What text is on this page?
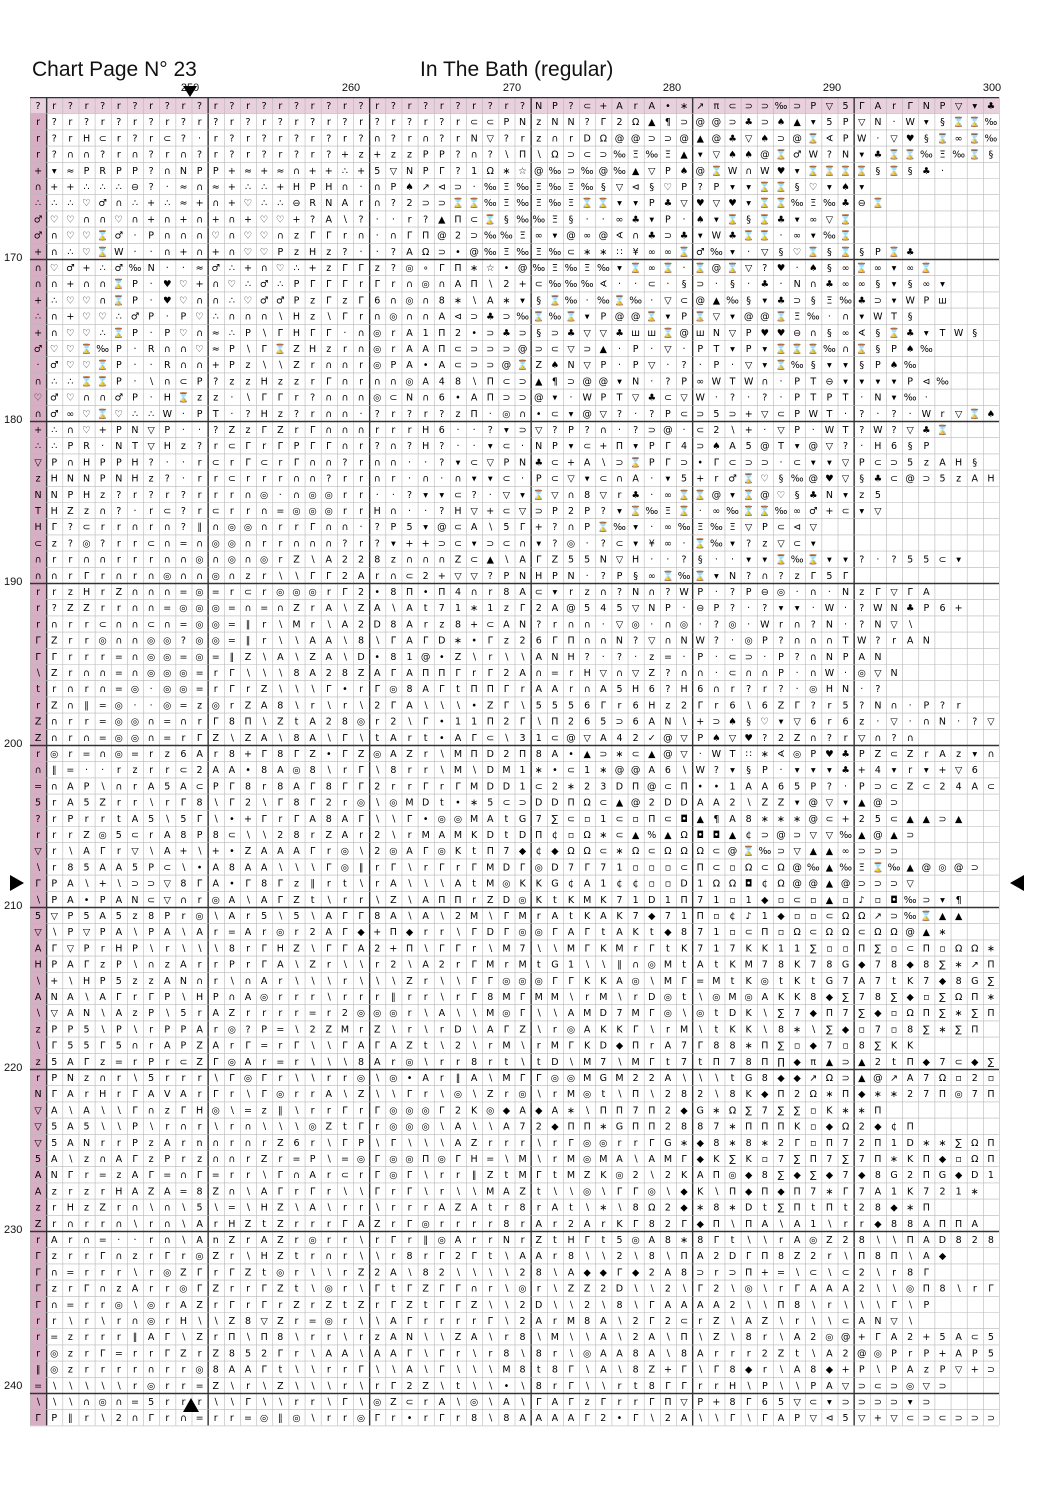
Chart Page N° 23	In The Bath (regular)
250	260	270	280	290	300
170
180
190
200
210
220
230
240
? r ? r ? r ? r ? r ? r ? r ? r ? r ? r ? r ? r ? r ? r ? r ? N P ? ⊂ + A r A • ∗ ↗ π ⊂ ⊃ ⊃ ‰ ⊃ P ▽ 5 Γ A r Γ N P ▽ ▾ ♣
r ? r ? r ? r ? r ? r ? r ? r ? r ? r ? r ? r ? r ? r ⊂ ⊂ P N z N N ? Γ 2 Ω ▲ ¶ ⊃ @ @ ⊃ ♣ ⊃ ♠ ▲ ▾ 5 P ▽ N · W ▾ § ⌛ ⌛ ‰
r ? r H ⊂ r ? r ⊂ ? · r ? r ? r ? r ? r ? ∩ ? r ∩ ? r N ▽ ? r z ∩ r D Ω @ @ ⊃ ⊃ @ ▲ @ ♣ ▽ ♠ ⊃ @ ⌛ ∢ P W · ▽ ♥ § ⌛ ∞ ⌛ ‰
r ? ∩ ∩ ? r ∩ ? r ∩ ? r ? r ? r ? r ? + z + z z P P ? ∩ ? ∖ Π ∖ Ω ⊃ ⊂ ⊃ ‰ Ξ ‰ Ξ ▲ ▾ ▽ ♠ ♠ @ ⌛ ♂ W ? N ▾ ♣ ⌛ ⌛ ‰ Ξ ‰ ⌛ §
+ ▾ ≈ P R P P ? ∩ N P P + ≈ + ≈ ∩ + + ∴ + 5 ▽ N P Γ ? 1 Ω ∗ ☆ @ ‰ ⊃ ‰ @ ‰ ▲ ▽ P ♠ @ ⌛ W ∩ W ♥ ▾ ⌛ ⌛ ⌛ ⌛ § ⌛ § ♣ ·
∩ + + ∴ ∴ ∴ ⊖ ? · ≈ ∩ ≈ + ∴ ∴ + H P H ∩ · ∩ P ♠ ↗ ⊲ ⊃ · ‰ Ξ ‰ Ξ ‰ Ξ ‰ § ▽ ⊲ § ♡ P ? P ▾ ▾ ⌛ ⌛ § ♡ ▾ ♠ ▾
∴ ∴ ∴ ♡ ♂ ∩ ∴ + ∴ ≈ + ∩ + ♡ ∴ ∴ ⊖ R N A r ∩ ? 2 ⊃ ⊃ ⌛ ⌛ ‰ Ξ ‰ Ξ ‰ Ξ ⌛ ⌛ ▾ ▾ P ♣ ▽ ♥ ▽ ♥ ▾ ⌛ ⌛ ‰ Ξ ‰ ♣ ⊖ ⌛
♂ ♡ ♡ ∩ ∩ ♡ ∩ + ∩ + ∩ + ∩ + ♡ ♡ + ? A ∖ ? · · r ? ▲ Π ⊂ ⌛ § ‰ ‰ Ξ § · · ∞ ♣ ▾ P · ♠ ▾ ⌛ § ⌛ ♣ ▾ ∞ ▽ ⌛
♂ ∩ ♡ ♡ ⌛ ♂ · P ∩ ∩ ∩ ♡ ∩ ♡ ♡ ∩ z Γ Γ r ∩ · ∩ Γ Π @ 2 ⊃ ‰ ‰ Ξ ∞ ▾ @ ∞ @ ∢ ∩ ♣ ⊃ ♣ ▾ W ♣ ⌛ ⌛ · ∞ ▾ ‰ ⌛
+ ∩ ∴ ♡ ⌛ W · · ∩ + ∩ + ∩ ♡ ♡ P z H z ? · · ? A Ω ⊃ • @ ‰ Ξ ‰ Ξ ‰ ⊂ ∗ ∗ ∷ ¥ ∞ ∞ ⌛ ♂ ‰ ▾ · ▽ § ♡ ⌛ § ⌛ § P ⌛ ♣
∩ ♡ ♂ + ∴ ♂ ‰ N · · ≈ ♂ ∴ + ∩ ♡ ∴ + z Γ Γ z ? ◎ ∘ Γ Π ∗ ☆ • @ ‰ Ξ ‰ Ξ ‰ ▾ ⌛ ∞ ⌛ · ⌛ @ ⌛ ▽ ? ♥ · ♠ § ∞ ⌛ ∞ ▾ ∞ ⌛
∩ ∩ + ∩ ∩ ⌛ P · ♥ ♡ + ∩ ♡ ∴ ♂ ∴ P Γ Γ Γ r Γ r ∩ ◎ ∩ A Π ∖ 2 + ⊂ ‰ ‰ ‰ ∢ · · ⊂ · § ⊃ · § · ♣ · N ∩ ♣ ∞ ∞ § ▾ § ∞ ▾
+ ∴ ♡ ♡ ∩ ⌛ P · ♥ ♡ ∩ ∩ ∴ ♡ ♂ ♂ P z Γ z Γ 6 ∩ ◎ ∩ 8 ∗ ∖ A ∗ ▾ § ⌛ ‰ · ‰ ⌛ ‰ · ▽ ⊂ @ ▲ ‰ § ▾ ♣ ⊃ § Ξ ‰ ♣ ⊃ ▾ W P ш
∴ ∩ + ♡ ♡ ∴ ♂ P · P ♡ ∴ ∩ ∩ ∩ ∖ H z ∖ Γ r ∩ ◎ ∩ ∩ A ⊲ ⊃ ♣ ⊃ ‰ ⌛ ‰ ⌛ ▾ P @ @ ⌛ ▾ P ⌛ ▽ ▾ @ @ ⌛ Ξ ‰ · ∩ ▾ W T §
+ ∩ ♡ ♡ ∴ ⌛ P · P ♡ ∩ ≈ ∴ P ∖ Γ H Γ Γ · ∩ ◎ r A 1 Π 2 • ⊃ ♣ ⊃ § ⊃ ♣ ▽ ▽ ♣ ш ш ⌛ @ ш N ▽ P ♥ ♥ ⊖ ∩ § ∞ ∢ § ⌛ ♣ ▾ T W §
♂ ♡ ♡ ⌛ ‰ P · R ∩ ∩ ♡ ≈ P ∖ Γ ⌛ Z H z r ∩ ◎ r A A Π ⊂ ⊃ ⊃ ⊃ @ ⊃ ⊂ ▽ ⊃ ▲ · P · ▽ · P T ▾ P ▾ ⌛ ⌛ ⌛ ‰ ∩ ⌛ § P ♠ ‰
· ♂ ♡ ♡ ⌛ P · · R ∩ ∩ + P z ∖ ∖ Z r ∩ ∩ r ◎ P A • A ⊂ ⊃ ⊃ @ ⌛ Z ♠ N ▽ P · P ▽ · ? · P · ▽ ▾ ⌛ ‰ § ▾ ▾ § P ♠ ‰
∩ ∴ ∴ ⌛ ⌛ P · ∖ ∩ ⊂ P ? z z H z z r Γ ∩ r ∩ ∩ ◎ A 4 8 ∖ Π ⊂ ⊃ ▲ ¶ ⊃ @ @ ▾ N · ? P ∞ W T W ∩ · P T ⊖ ▾ ▾ ▾ ▾ P ⊲ ‰
♡ ♂ ♡ ∩ ∩ ♂ P · H ⌛ z z · ∖ Γ Γ r ? ∩ ∩ ∩ ◎ ⊂ N ∩ 6 • A Π ⊃ ⊃ @ ▾ · W P T ▽ ♣ ⊂ ▽ W · ? · ? · P T P T · N ▾ ‰ ·
∩ ♂ ∞ ♡ ⌛ ♡ ∴ ∴ W · P T · ? H z ? r ∩ ∩ · ? r ? r ? z Π · ◎ ∩ • ⊂ ▾ @ ▽ ? · ? P ⊂ ⊃ 5 ⊃ + ▽ ⊂ P W T · ? · ? · W r ▽ ⌛ ♠
+ ∴ ∩ ♡ + P N ▽ P · · ? Z z Γ Z r Γ ∩ ∩ ∩ r r r H 6 · · ? ▾ ⊃ ▽ ? P ? ∩ · ? ⊃ @ · ⊂ 2 ∖ + · ▽ P · W T ? W ? ▽ ♣ ⌛
∴ ∴ P R · N T ▽ H z ? r ⊂ Γ r Γ P Γ Γ ∩ r ? ∩ ? H ? · · ▾ ⊂ · N P ▾ ⊂ + Π ▾ P Γ 4 ⊃ ♠ A 5 @ T ▾ @ ▽ ? · H 6 § P
▽ P ∩ H P P H ? · · r ⊂ r Γ ⊂ r Γ ∩ ∩ ? r ∩ ∩ · · ? ▾ ⊂ ▽ P N ♣ ⊂ + A ∖ ⊃ ⌛ P Γ ⊃ • Γ ⊂ ⊃ ⊃ · ⊂ ▾ ▾ ▽ P ⊂ ⊃ 5 z A H §
z H N N P N H z ? · r r ⊂ r r r ∩ ∩ ? r r ∩ r · ∩ · ∩ ▾ ▾ ⊂ · P ⊂ ▽ ▾ ⊂ ∩ A · ▾ 5 + r ♂ ⌛ ♡ § ‰ @ ♥ ▽ § ♣ ⊂ @ ⊃ 5 z A H
N N P H z ? r ? r ? r r r ∩ ◎ · ∩ ◎ ◎ r r · · ? ▾ ▾ ⊂ ? · ▽ ▾ ⌛ ▽ ∩ 8 ▽ r ♣ · ∞ ⌛ ⌛ @ ▾ ⌛ @ ♡ § ♣ N ▾ z 5
T H Z z ∩ ? · r ⊂ ? r ⊂ r r ∩ = ◎ ◎ ◎ r r H ∩ · · ? H ▽ + ⊂ ▽ ⊃ P 2 P ? ▾ ⌛ ‰ Ξ ⌛ · ∞ ‰ ⌛ ⌛ ‰ ∞ ♂ + ⊂ ▾ ▽
H Γ ? ⊂ r r ∩ r ∩ ? ∥ ∩ ◎ ◎ ∩ r r Γ ∩ ∩ · ? P 5 ▾ @ ⊂ A ∖ 5 Γ + ? ∩ P ⌛ ‰ ▾ · ∞ ‰ Ξ ‰ Ξ ▽ P ⊂ ⊲ ▽
⊂ z ? ◎ ? r r ⊂ ∩ = ∩ ◎ ◎ ∩ r r ∩ ∩ ∩ ? r ? ▾ + + ⊃ ⊂ ▾ ⊃ ⊂ ∩ ▾ ? ◎ · ? ⊂ ▾ ¥ ∞ · ⌛ ‰ ▾ ? z ▽ ⊂ ▾
∩ r r ∩ ∩ r r r ∩ ∩ ◎ ∩ ◎ ∩ ◎ r Z ∖ A 2 2 8 z ∩ ∩ ∩ Z ⊂ ▲ ∖ A Γ Z 5 5 N ▽ H · · ? § · · ▾ ▾ ⌛ ‰ ⌛ ▾ ▾ ? · ? 5 5 ⊂ ▾
∩ ∩ r Γ r ∩ r ∩ ◎ ∩ ∩ ◎ ∩ z r ∖ ∖ Γ Γ 2 A r ∩ ⊂ 2 + ▽ ▽ ? P N H P N · ? P § ∞ ⌛ ‰ ⌛ ▾ N ? ∩ ? z Γ 5 Γ
r r z H r Z ∩ ∩ ∩ = ◎ = r ⊂ r ◎ ◎ ◎ r Γ 2 • 8 Π • Π 4 ∩ r 8 A ⊂ ▾ r z ∩ ? N ∩ ? W P · ? P ⊖ ◎ · ∩ · N z Γ ▽ Γ A
r ? Z Z r r ∩ ∩ = ◎ ◎ ◎ = ∩ = ∩ Z r A ∖ Z A ∖ A t 7 1 ∗ 1 z Γ 2 A @ 5 4 5 ▽ N P · ⊖ P ? · ? ▾ ▾ · W · ? W N ♣ P 6 +
r ∩ r r ⊂ ∩ ∩ ⊂ ∩ = ◎ ◎ = ∥ r ∖ M r ∖ A 2 D 8 A r z 8 + ⊂ A N ? r ∩ ∩ · ▽ ◎ · ∩ ◎ · ? ◎ · W r ∩ ? N · ? N ▽ ∖
Γ Z r r ◎ ∩ ∩ ◎ ◎ ? ◎ ◎ = ∥ r ∖ ∖ A A ∖ 8 ∖ Γ A Γ D ∗ • Γ z 2 6 Γ Π ∩ ∩ N ? ▽ ∩ N W ? · ◎ P ? ∩ ∩ ∩ T W ? r A N
Γ Γ r r r = ∩ ◎ ◎ = ◎ = ∥ Z ∖ A ∖ Z A ∖ D • 8 1 @ • Z ∖ r ∖ ∖ A N H ? · ? · z = · P · ⊂ ⊃ · P ? ∩ N P A N
∖ Z r ∩ ∩ = ∩ ◎ ◎ ◎ = r Γ ∖ ∖ ∖ 8 A 2 8 Z A Γ A Π Π Γ r Γ 2 A ∩ = r H ▽ ∩ ▽ Z ? ∩ ∩ · ⊂ ∩ ∩ P · ∩ W · ◎ ▽ N
t r ∩ r ∩ = ◎ · ◎ ◎ = r Γ r Z ∖ ∖ ∖ Γ • r Γ ◎ 8 A Γ t Π Π Γ r A A r ∩ A 5 H 6 ? H 6 ∩ r ? r ? · ◎ H N · ?
r Z ∩ ∥ = ◎ · · ◎ = z ◎ r Z A 8 ∖ r ∖ r ∖ 2 Γ A ∖ ∖ ∖ • Z Γ ∖ 5 5 5 6 Γ r 6 H z 2 Γ r 6 ∖ 6 Z Γ ? r 5 ? N ∩ · P ? r
Z ∩ r r = ◎ ◎ ∩ = ∩ r Γ 8 Π ∖ Z t A 2 8 ◎ r 2 ∖ Γ • 1 1 Π 2 Γ ∖ Π 2 6 5 ⊃ 6 A N ∖ + ⊃ ♠ § ♡ ▾ ▽ 6 r 6 z · ▽ · ∩ N · ? ▽
Z ∩ r ∩ = ◎ ◎ ∩ = r Γ Z ∖ Z A ∖ 8 A ∖ Γ ∖ t A r t • A Γ ⊂ ∖ 3 1 ⊂ @ ▽ A 4 2 ✓ @ ▽ P ♠ ▽ ♥ ? 2 Z ∩ ? r ▽ ∩ ? ∩
r ◎ r = ∩ ◎ = r z 6 A r 8 + Γ 8 Γ Z • Γ Z ◎ A Z r ∖ M Π D 2 Π 8 A • ▲ ⊃ ∗ ⊂ ▲ @ ▽ · W T ∷ ∗ ∢ ◎ P ♥ ♣ P Z ⊂ Z r A z ▾ ∩
∩ ∥ = · · r z r r ⊂ 2 A A • 8 A ◎ 8 ∖ r Γ ∖ 8 r r ∖ M ∖ D M 1 ∗ • ⊂ 1 ∗ @ @ A 6 ∖ W ? ▾ § P · ▾ ▾ ▾ ♣ + 4 ▾ r ▾ + ▽ 6
= ∩ A P ∖ ∩ r A 5 A ⊂ P Γ 8 r 8 A Γ 8 Γ Γ 2 r r Γ r Γ M D D 1 ⊂ 2 ∗ 2 3 D Π @ ⊂ Π • • 1 A A 6 5 P ? · P ⊃ ⊂ Z ⊂ 2 4 A ⊂
5 r A 5 Z r r ∖ r Γ 8 ∖ Γ 2 ∖ Γ 8 Γ 2 r ◎ ∖ ◎ M D t • ∗ 5 ⊂ ⊃ D D Π Ω ⊂ ▲ @ 2 D D A A 2 ∖ Z Z ▾ @ ▽ ▾ ▲ @ ⊃
? r P r r t A 5 ∖ 5 Γ ∖ • + Γ r Γ A 8 A Γ ∖ ∖ Γ • ◎ ◎ M A t G 7 ∑ ⊂ ▫ 1 ⊂ ▫ Π ⊂ ◘ ▲ ¶ A 8 ∗ ∗ ∗ @ ⊂ + 2 5 ⊂ ▲ ▲ ⊃ ▲
r r r Z ◎ 5 ⊂ r A 8 P 8 ⊂ ∖ ∖ 2 8 r Z A r 2 ∖ r M A M K D t D Π ¢ ▫ Ω ∗ ⊂ ▲ % ▲ Ω ◘ ◘ ▲ ¢ ⊃ @ ⊃ ▽ ▽ ‰ ▲ @ ▲ ⊃
▽ r ∖ A Γ r ▽ ∖ A + ∖ + • Z A A A Γ r ◎ ∖ 2 ◎ A Γ ◎ K t Π 7 ◆ ¢ ◆ Ω Ω ⊂ ∗ Ω ⊂ Ω Ω Ω ⊂ @ ⌛ ‰ ⊃ ▽ ▲ ▲ ∞ ⊃ ⊃ ⊃
∖ r 8 5 A A 5 P ⊂ ∖ • A 8 A A ∖ ∖ ∖ Γ ◎ ∥ r Γ ∖ r Γ r Γ M D Γ ◎ D 7 Γ 7 1 ▫ ▫ ▫ ⊂ Π ⊂ ▫ Ω ⊂ Ω @ ‰ ▲ ‰ Ξ ⌛ ‰ ▲ @ ◎ @ ⊃
Γ P A ∖ + ∖ ⊃ ⊃ ▽ 8 Γ A • Γ 8 Γ z ∥ r t ∖ r A ∖ ∖ ∖ A t M ◎ K K G ¢ A 1 ¢ ¢ ▫ ▫ D 1 Ω Ω ◘ ¢ Ω @ @ ▲ @ ⊃ ⊃ ⊃ ▽
∖ P A • P A N ⊂ ▽ ∩ r ◎ A ∖ A Γ Z t ∖ r r ∖ Z ∖ A Π Π r Z D ◎ K t K M K 7 1 D 1 Π 7 1 ▫ 1 ◆ ▫ ⊂ ▫ ▲ ▫ ♪ ▫ ◘ ‰ ⊃ ▾ ¶
5 ▽ P 5 A 5 z 8 P r ◎ ∖ A r 5 ∖ 5 ∖ A Γ Γ 8 A ∖ A ∖ 2 M ∖ Γ M r A t K A K 7 ◆ 7 1 Π ▫ ¢ ♪ 1 ◆ ▫ ▫ ⊂ Ω Ω ↗ ⊃ ‰ ⌛ ▲ ▲
▽ ∖ P ▽ P A ∖ P A ∖ A r = A r ◎ r 2 A Γ ◆ + Π ◆ r r ∖ Γ D Γ ◎ ◎ Γ A Γ t A K t ◆ 8 7 1 ▫ ⊂ Π ▫ Ω ⊂ Ω Ω ⊂ Ω Ω @ ▲ ∗
A Γ ▽ P r H P ∖ r ∖ ∖ ∖ 8 r Γ H Z ∖ Γ Γ A 2 + Π ∖ Γ Γ r ∖ M 7 ∖ ∖ M Γ K M r Γ t K 7 1 7 K K 1 1 ∑ ▫ ▫ Π ∑ ▫ ⊂ Π ▫ Ω Ω ∗
H P A Γ z P ∖ ∩ z A r r P r Γ A ∖ Z r ∖ ∖ r 2 ∖ A 2 r Γ M r M t G 1 ∖ ∖ ∥ ∩ ◎ M t A t K M 7 8 K 7 8 G ◆ 7 8 ◆ 8 ∑ ∗ ↗ Π
∖ + ∖ H P 5 z z A N ∩ r ∖ ∩ A r ∖ ∖ ∖ r ∖ ∖ ∖ Z r ∖ ∖ Γ Γ ◎ ◎ ◎ Γ Γ K K A ◎ ∖ M Γ = M t K ◎ t K t G 7 A 7 t K 7 ◆ 8 G ∑
A N A ∖ A Γ r Γ P ∖ H P ∩ A ◎ r r r ∖ r r r ∥ r r ∖ r Γ 8 M Γ M M ∖ r M ∖ r D ◎ t ∖ ◎ M ◎ A K K 8 ◆ ∑ 7 8 ∑ ◆ ▫ ∑ Ω Π ∗
∖ ▽ A N ∖ A z P ∖ 5 r A Z r r r r = r 2 ◎ ◎ ◎ r ∖ A ∖ ∖ M ◎ Γ ∖ ∖ A M D 7 M Γ ◎ ∖ ◎ t D K ∖ ∑ 7 ◆ Π 7 ∑ ◆ ▫ Ω Π ∑ ∗ ∑ Π
z P P 5 ∖ P ∖ r P P A r ◎ ? P = ∖ 2 Z M r Z ∖ r ∖ r D ∖ A Γ Z ∖ r ◎ A K K Γ ∖ r M ∖ t K K ∖ 8 ∗ ∖ ∑ ◆ ▫ 7 ▫ 8 ∑ ∗ ∑ Π
∖ Γ 5 5 Γ 5 ∩ r A P Z A r Γ = r Γ ∖ ∖ Γ A Γ A Z t ∖ 2 ∖ r M ∖ r M Γ K D ◆ Π r A 7 Γ 8 8 ∗ Π ∑ ▫ ◆ 7 ▫ 8 ∑ K K
z 5 A Γ z = r P r ⊂ Z Γ ◎ A r = r ∖ ∖ ∖ 8 A r ◎ ∖ r r 8 r t ∖ t D ∖ M 7 ∖ M Γ t 7 t Π 7 8 Π ∏ ◆ π ▲ ⊃ ▲ 2 t Π ◆ 7 ⊂ ◆ ∑
r P N z ∩ r ∖ 5 r r r ∖ Γ ◎ Γ r ∖ ∖ r r ◎ ∖ ◎ • A r ∥ A ∖ M Γ Γ ◎ ◎ M G M 2 2 A ∖ ∖ ∖ t G 8 ◆ ◆ ↗ Ω ⊃ ▲ @ ↗ A 7 Ω ▫ 2 ▫
N Γ A r H r Γ A V A r Γ r ∖ Γ ◎ r r A ∖ Z ∖ ∖ Γ r ∖ ◎ ∖ Z r ◎ ∖ r M ◎ t ∖ Π ∖ 2 8 2 ∖ 8 K ◆ Π 2 Ω ∗ Π ◆ ∗ ∗ 2 7 Π ◎ 7 Π
▽ A ∖ A ∖ ∖ Γ ∩ z Γ H ◎ ∖ = z ∥ ∖ r r Γ r Γ ◎ ◎ ◎ Γ 2 K ◎ ◆ A ◆ A ∗ ∖ Π Π 7 Π 2 ◆ G ∗ Ω ∑ 7 ∑ ∑ ▫ K ∗ ∗ Π
▽ 5 A 5 ∖ ∖ P ∖ r ∩ r ∖ r ∩ ∖ ∖ ∖ ◎ Z t Γ r ◎ ◎ ◎ ∖ A ∖ ∖ A 7 2 ◆ Π Π ∗ G Π Π 2 8 8 7 ∗ Π Π Π K ▫ ◆ Ω 2 ◆ ¢ Π
▽ 5 A N r r P z A r n ∩ r ∩ r Z 6 r ∖ Γ P ∖ Γ ∖ ∖ ∖ A Z r r r ∖ r Γ ◎ ◎ r r Γ G ∗ ◆ 8 ∗ 8 ∗ 2 Γ ▫ Π 7 2 Π 1 D ∗ ∗ ∑ Ω Π
5 A ∖ z ∩ A Γ z P r z ∩ ∩ r Z r = P ∖ = ◎ Γ ◎ ◎ Π ◎ Γ H = ∖ M ∖ r M ◎ M A ∖ A M Γ ◆ K ∑ K ▫ 7 ∑ Π 7 ∑ 7 Π ∗ K Π ◆ ▫ Ω Π
A N Γ r = z A Γ = ∩ Γ = r r ∖ Γ ∩ A r ⊂ r Γ ◎ Γ ∖ r r ∥ Z t M Γ t M Z K ◎ 2 ∖ 2 K A Π ◎ ◆ 8 ∑ ◆ ∑ ◆ 7 ◆ 8 G 2 Π G ◆ D 1
A z r z r H A Z A = 8 Z ∩ ∖ A Γ r Γ r ∖ ∖ Γ r Γ ∖ r ∖ ∖ M A Z t ∖ ∖ ◎ ∖ Γ Γ ◎ ∖ ◆ K ∖ Π ◆ Π ◆ Π 7 ∗ Γ 7 A 1 K 7 2 1 ∗
z r H z Z r ∩ ∖ ∩ ∖ 5 ∖ = ∖ H Z ∖ A ∖ r r ∖ r r r A Z A t r 8 r A t ∖ ∗ ∖ 8 Ω 2 ◆ ∗ 8 ∗ D t ∑ Π t Π t 2 8 ◆ ∗ Π
Z r ∩ r r ∩ ∖ r ∩ ∖ A r H Z t Z r r r Γ A Z r Γ ◎ r r r r 8 r A r 2 A r K Γ 8 2 Γ ◆ Π ∖ Π A ∖ A 1 ∖ r r ◆ 8 8 A Π Π A
r A r ∩ = · · r ∩ ∖ A n Z r A Z r ◎ r r ∖ r Γ r ∥ ◎ A r r N r Z t H Γ t 5 ◎ A 8 ∗ 8 Γ t ∖ ∖ r A ◎ Z 2 8 ∖ ∖ Π A D 8 2 8
Γ z r r Γ ∩ z r Γ r ◎ Z r ∖ H Z t r ∩ r ∖ ∖ r 8 r Γ 2 Γ t ∖ A A r 8 ∖ ∖ 2 ∖ 8 ∖ Π A 2 D Γ Π 8 Z 2 r ∖ Π 8 Π ∖ A ◆
Γ ∩ = r r r ∖ r ◎ Z Γ r Γ Z t ◎ r ∖ ∖ r Z 2 A ∖ 8 2 ∖ ∖ ∖ ∖ 2 8 ∖ A ◆ ◆ Γ ◆ 2 A 8 ⊃ r ⊃ Π + = ∖ ⊂ ∖ ⊂ 2 ∖ r 8 Γ
Γ z r Γ ∩ z A r r ◎ Γ Z r r Γ Z t ∖ ◎ r ∖ Γ t Γ Z Γ Γ ∩ r ∖ ◎ r ∖ Z Z 2 D ∖ ∖ 2 ∖ Γ 2 ∖ ◎ ∖ r Γ A A A 2 ∖ ∖ ◎ Π 8 ∖ r Γ
Γ ∩ = r r ◎ ∖ ◎ r A Z r Γ r Γ r Z r Z t Z r Γ Z t Γ Γ Z ∖ ∖ 2 D ∖ ∖ 2 ∖ 8 ∖ Γ A A A A 2 ∖ ∖ Π 8 ∖ r ∖ ∖ ∖ Γ ∖ P
r r ∖ r ∖ r ∩ ◎ r H ∖ ∖ Z 8 ▽ Z r = ◎ r ∖ ∖ A Γ r r r r Γ ∖ 2 A r M 8 A ∖ 2 Γ 2 ⊂ r Z ∖ A Z ∖ r ∖ ∖ ⊂ A N ▽ ∖
r = z r r r ∥ A Γ ∖ Z r Π ∖ Π 8 ∖ r r ∖ r z A N ∖ ∖ Z A ∖ r 8 ∖ M ∖ ∖ A ∖ 2 A ∖ Π ∖ Z ∖ 8 r ∖ A 2 ◎ @ + Γ A 2 + 5 A ⊂ 5
r ◎ z r Γ = r r Γ Z r Z 8 5 2 Γ r ∖ A A ∖ A A Γ ∖ Γ r ∖ r 8 ∖ 8 r ∖ ◎ A A 8 A ∖ 8 A r r r 2 Z t ∖ A 2 @ ◎ P r P + A P 5
∥ ◎ z r r r r ∩ r r ◎ 8 A A Γ t ∖ ∖ r r Γ ∖ ∖ A ∖ Γ ∖ ∖ ∖ M 8 t 8 Γ ∖ A ∖ 8 Z + Γ ∖ Γ 8 ◆ r ∖ A 8 ◆ + P ∖ P A z P ▽ + ⊃
= ∖ ∖ ∖ ∖ ∖ r ◎ r r = Z ∖ r ∖ Z ∖ ∖ ∖ r ∖ r Γ 2 Z ∖ t ∖ ∖ • ∖ 8 r Γ ∖ ∖ r t 8 Γ Γ r r H ∖ P ∖ ∖ P A ▽ ⊃ ⊂ ⊃ ◎ ▽ ⊃
∖ ∖ ∖ ∩ ◎ ∩ = 5 r r r ∖ ∖ Γ ∖ ∖ r r ∖ Γ ∖ ◎ Z ⊂ r A ∖ ◎ ∖ A ∖ Γ A Γ z Γ r r Γ Π ▽ P + 8 Γ 6 5 ▽ ⊂ ▾ ⊃ ⊃ ⊃ ⊃ ▾ ⊃
Γ P ∥ r ∖ 2 ∩ Γ r ∩ = r r = ◎ ∥ ◎ ∖ r r ◎ Γ r • r Γ r 8 ∖ 8 A A A A Γ 2 • Γ ∖ 2 A ∖ ∖ Γ ∖ Γ A P ▽ ⊲ 5 ▽ + ▽ ⊂ ⊃ ⊂ ⊃ ⊃ ⊃
